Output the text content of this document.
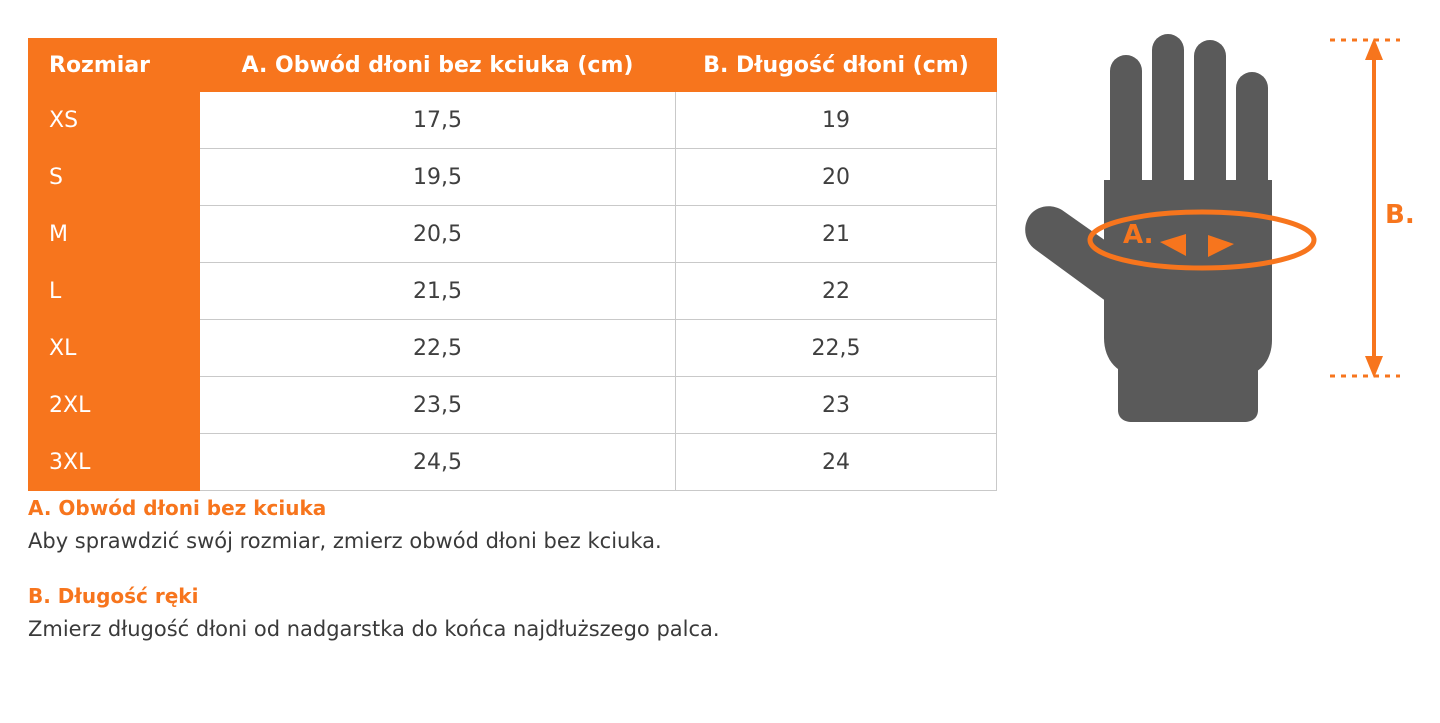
Rozmiar	A. Obwód dłoni bez kciuka (cm)	B. Długość dłoni (cm)
XS	17,5	19
S	19,5	20
M	20,5	21
L	21,5	22
XL	22,5	22,5
2XL	23,5	23
3XL	24,5	24

A. Obwód dłoni bez kciuka

Aby sprawdzić swój rozmiar, zmierz obwód dłoni bez kciuka.

B. Długość ręki

Zmierz długość dłoni od nadgarstka do końca najdłuższego palca.

A.
B.
